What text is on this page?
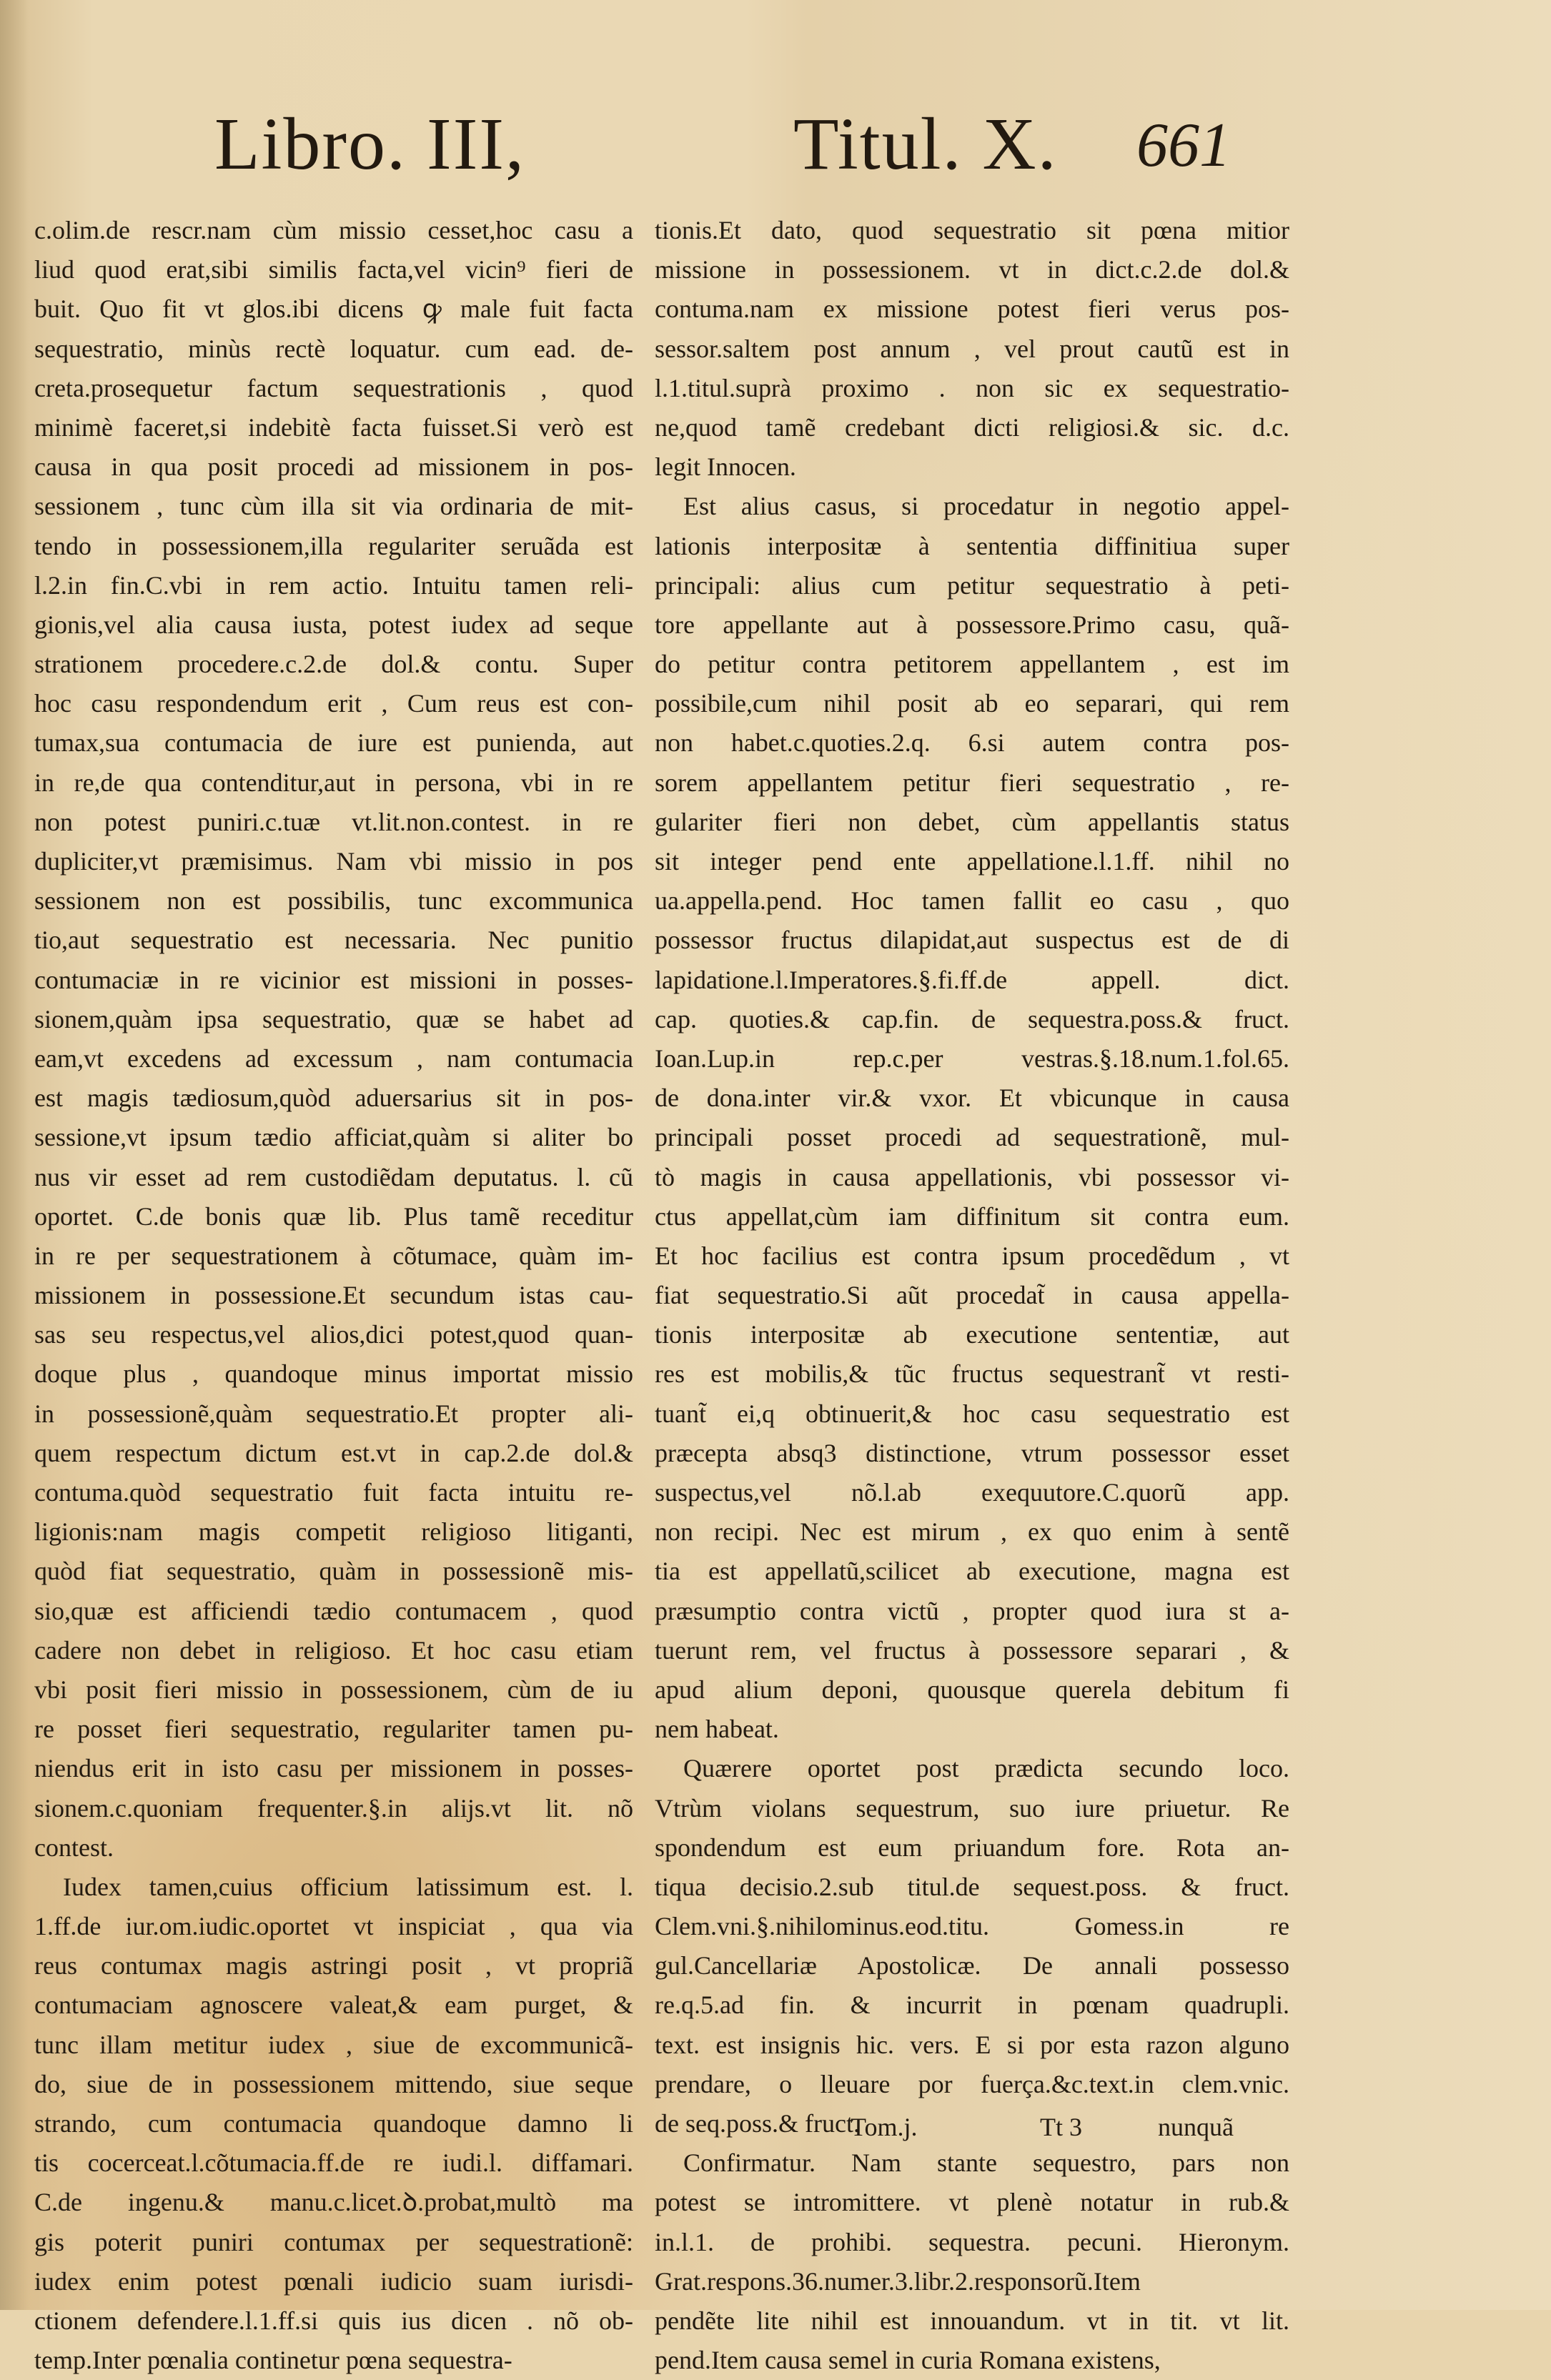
Libro. III,	Titul. X. 661
c.olim.de rescr.nam cùm missio cesset,hoc casu a
liud quod erat,sibi similis facta,vel vicin⁹ fieri de
buit. Quo fit vt glos.ibi dicens ꝙ male fuit facta
sequestratio, minùs rectè loquatur. cum ead. de-
creta.prosequetur factum sequestrationis , quod
minimè faceret,si indebitè facta fuisset.Si verò est
causa in qua posit procedi ad missionem in pos-
sessionem , tunc cùm illa sit via ordinaria de mit-
tendo in possessionem,illa regulariter seruãda est
l.2.in fin.C.vbi in rem actio. Intuitu tamen reli-
gionis,vel alia causa iusta, potest iudex ad seque
strationem procedere.c.2.de dol.& contu. Super
hoc casu respondendum erit , Cum reus est con-
tumax,sua contumacia de iure est punienda, aut
in re,de qua contenditur,aut in persona, vbi in re
non potest puniri.c.tuæ vt.lit.non.contest. in re
dupliciter,vt præmisimus. Nam vbi missio in pos
sessionem non est possibilis, tunc excommunica
tio,aut sequestratio est necessaria. Nec punitio
contumaciæ in re vicinior est missioni in posses-
sionem,quàm ipsa sequestratio, quæ se habet ad
eam,vt excedens ad excessum , nam contumacia
est magis tædiosum,quòd aduersarius sit in pos-
sessione,vt ipsum tædio afficiat,quàm si aliter bo
nus vir esset ad rem custodiẽdam deputatus. l. cũ
oportet. C.de bonis quæ lib. Plus tamẽ receditur
in re per sequestrationem à cõtumace, quàm im-
missionem in possessione.Et secundum istas cau-
sas seu respectus,vel alios,dici potest,quod quan-
doque plus , quandoque minus importat missio
in possessionẽ,quàm sequestratio.Et propter ali-
quem respectum dictum est.vt in cap.2.de dol.&
contuma.quòd sequestratio fuit facta intuitu re-
ligionis:nam magis competit religioso litiganti,
quòd fiat sequestratio, quàm in possessionẽ mis-
sio,quæ est afficiendi tædio contumacem , quod
cadere non debet in religioso. Et hoc casu etiam
vbi posit fieri missio in possessionem, cùm de iu
re posset fieri sequestratio, regulariter tamen pu-
niendus erit in isto casu per missionem in posses-
sionem.c.quoniam frequenter.§.in alijs.vt lit. nõ
contest.
Iudex tamen,cuius officium latissimum est. l.
1.ff.de iur.om.iudic.oportet vt inspiciat , qua via
reus contumax magis astringi posit , vt propriã
contumaciam agnoscere valeat,& eam purget, &
tunc illam metitur iudex , siue de excommunicã-
do, siue de in possessionem mittendo, siue seque
strando, cum contumacia quandoque damno li
tis cocerceat.l.cõtumacia.ff.de re iudi.l. diffamari.
C.de ingenu.& manu.c.licet.ꝺ.probat,multò ma
gis poterit puniri contumax per sequestrationẽ:
iudex enim potest pœnali iudicio suam iurisdi-
ctionem defendere.l.1.ff.si quis ius dicen . nõ ob-
temp.Inter pœnalia continetur pœna sequestra-
tionis.Et dato, quod sequestratio sit pœna mitior
missione in possessionem. vt in dict.c.2.de dol.&
contuma.nam ex missione potest fieri verus pos-
sessor.saltem post annum , vel prout cautũ est in
l.1.titul.suprà proximo . non sic ex sequestratio-
ne,quod tamẽ credebant dicti religiosi.& sic. d.c.
legit Innocen.
Est alius casus, si procedatur in negotio appel-
lationis interpositæ à sententia diffinitiua super
principali: alius cum petitur sequestratio à peti-
tore appellante aut à possessore.Primo casu, quã-
do petitur contra petitorem appellantem , est im
possibile,cum nihil posit ab eo separari, qui rem
non habet.c.quoties.2.q. 6.si autem contra pos-
sorem appellantem petitur fieri sequestratio , re-
gulariter fieri non debet, cùm appellantis status
sit integer pend ente appellatione.l.1.ff. nihil no
ua.appella.pend. Hoc tamen fallit eo casu , quo
possessor fructus dilapidat,aut suspectus est de di
lapidatione.l.Imperatores.§.fi.ff.de appell. dict.
cap. quoties.& cap.fin. de sequestra.poss.& fruct.
Ioan.Lup.in rep.c.per vestras.§.18.num.1.fol.65.
de dona.inter vir.& vxor. Et vbicunque in causa
principali posset procedi ad sequestrationẽ, mul-
tò magis in causa appellationis, vbi possessor vi-
ctus appellat,cùm iam diffinitum sit contra eum.
Et hoc facilius est contra ipsum procedẽdum , vt
fiat sequestratio.Si aũt procedat̃ in causa appella-
tionis interpositæ ab executione sententiæ, aut
res est mobilis,& tũc fructus sequestrant̃ vt resti-
tuant̃ ei,q obtinuerit,& hoc casu sequestratio est
præcepta absq3 distinctione, vtrum possessor esset
suspectus,vel nõ.l.ab exequutore.C.quorũ app.
non recipi. Nec est mirum , ex quo enim à sentẽ
tia est appellatũ,scilicet ab executione, magna est
præsumptio contra victũ , propter quod iura st a-
tuerunt rem, vel fructus à possessore separari , &
apud alium deponi, quousque querela debitum fi
nem habeat.
Quærere oportet post prædicta secundo loco.
Vtrùm violans sequestrum, suo iure priuetur. Re
spondendum est eum priuandum fore. Rota an-
tiqua decisio.2.sub titul.de sequest.poss. & fruct.
Clem.vni.§.nihilominus.eod.titu. Gomess.in re
gul.Cancellariæ Apostolicæ. De annali possesso
re.q.5.ad fin. & incurrit in pœnam quadrupli.
text. est insignis hic. vers. E si por esta razon alguno
prendare, o lleuare por fuerça.&c.text.in clem.vnic.
de seq.poss.& fruct.
Confirmatur. Nam stante sequestro, pars non
potest se intromittere. vt plenè notatur in rub.&
in.l.1. de prohibi. sequestra. pecuni. Hieronym.
Grat.respons.36.numer.3.libr.2.responsorũ.Item
pendẽte lite nihil est innouandum. vt in tit. vt lit.
pend.Item causa semel in curia Romana existens,
Tom.j.	Tt 3	nunquã
